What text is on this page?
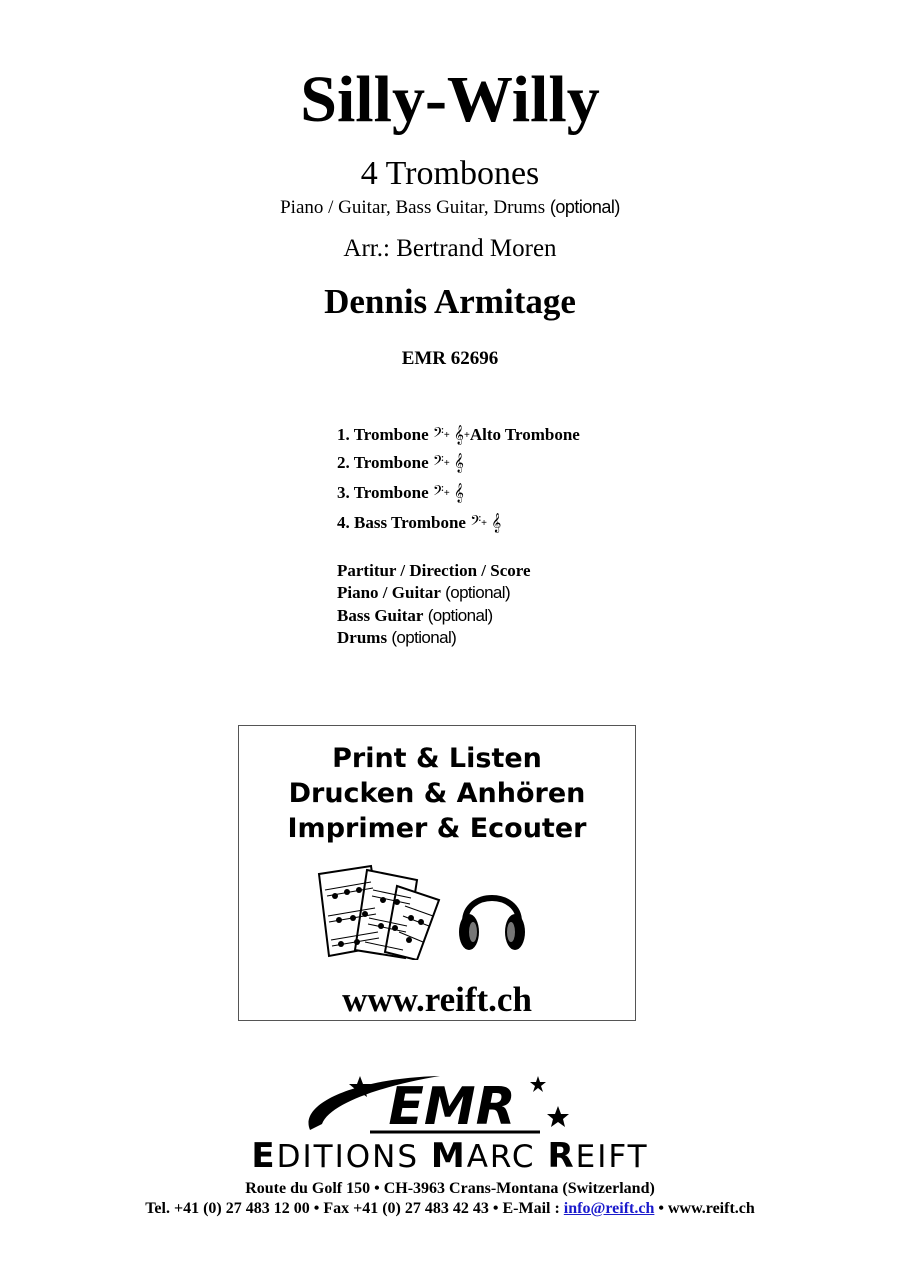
Silly-Willy
4 Trombones
Piano / Guitar, Bass Guitar, Drums (optional)
Arr.: Bertrand Moren
Dennis Armitage
EMR 62696
1. Trombone 𝄢+ 𝄞+Alto Trombone
2. Trombone 𝄢+ 𝄞
3. Trombone 𝄢+ 𝄞
4. Bass Trombone 𝄢+ 𝄞
Partitur / Direction / Score
Piano / Guitar (optional)
Bass Guitar (optional)
Drums (optional)
Print & Listen
Drucken & Anhören
Imprimer & Ecouter
www.reift.ch
EMR
EDITIONS MARC REIFT
Route du Golf 150 • CH-3963 Crans-Montana (Switzerland)
Tel. +41 (0) 27 483 12 00 • Fax +41 (0) 27 483 42 43 • E-Mail : info@reift.ch • www.reift.ch
